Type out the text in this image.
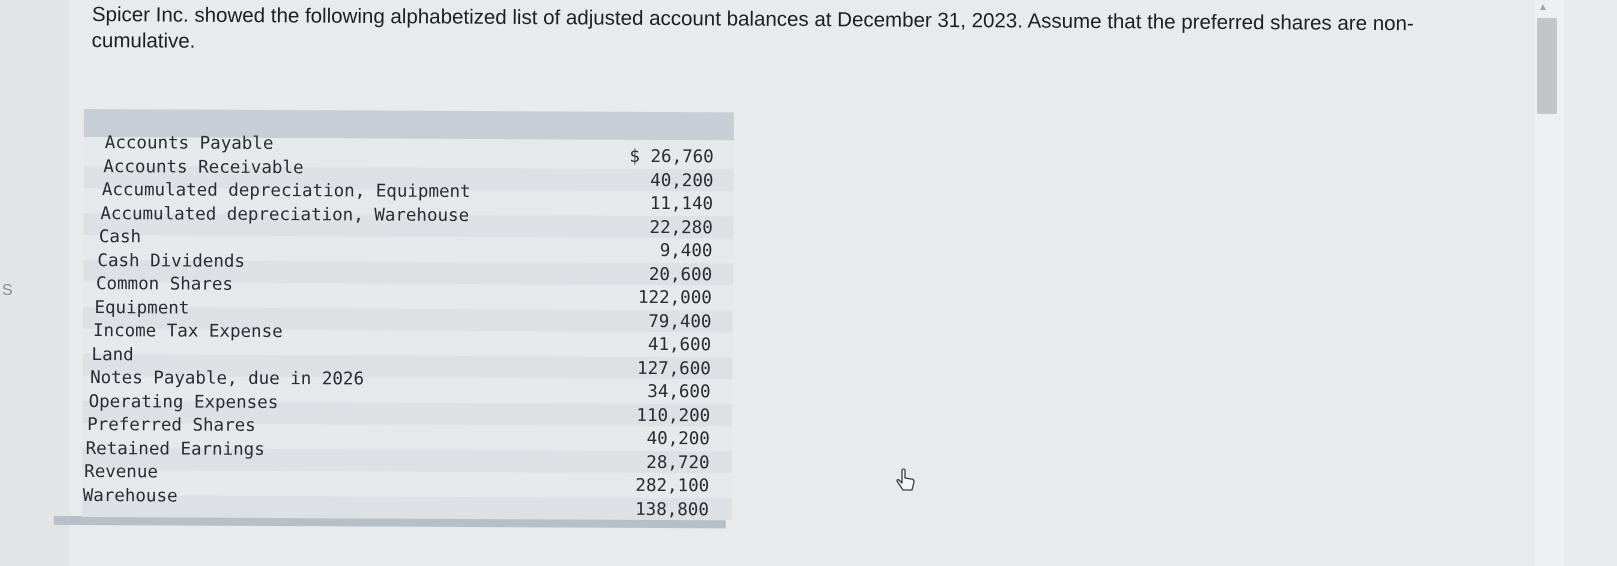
S
Spicer Inc. showed the following alphabetized list of adjusted account balances at December 31, 2023. Assume that the preferred shares are non-cumulative.
Accounts Payable
$ 26,760
Accounts Receivable
40,200
Accumulated depreciation, Equipment
11,140
Accumulated depreciation, Warehouse
22,280
Cash
9,400
Cash Dividends
20,600
Common Shares
122,000
Equipment
79,400
Income Tax Expense
41,600
Land
127,600
Notes Payable, due in 2026
34,600
Operating Expenses
110,200
Preferred Shares
40,200
Retained Earnings
28,720
Revenue
282,100
Warehouse
138,800
▲
